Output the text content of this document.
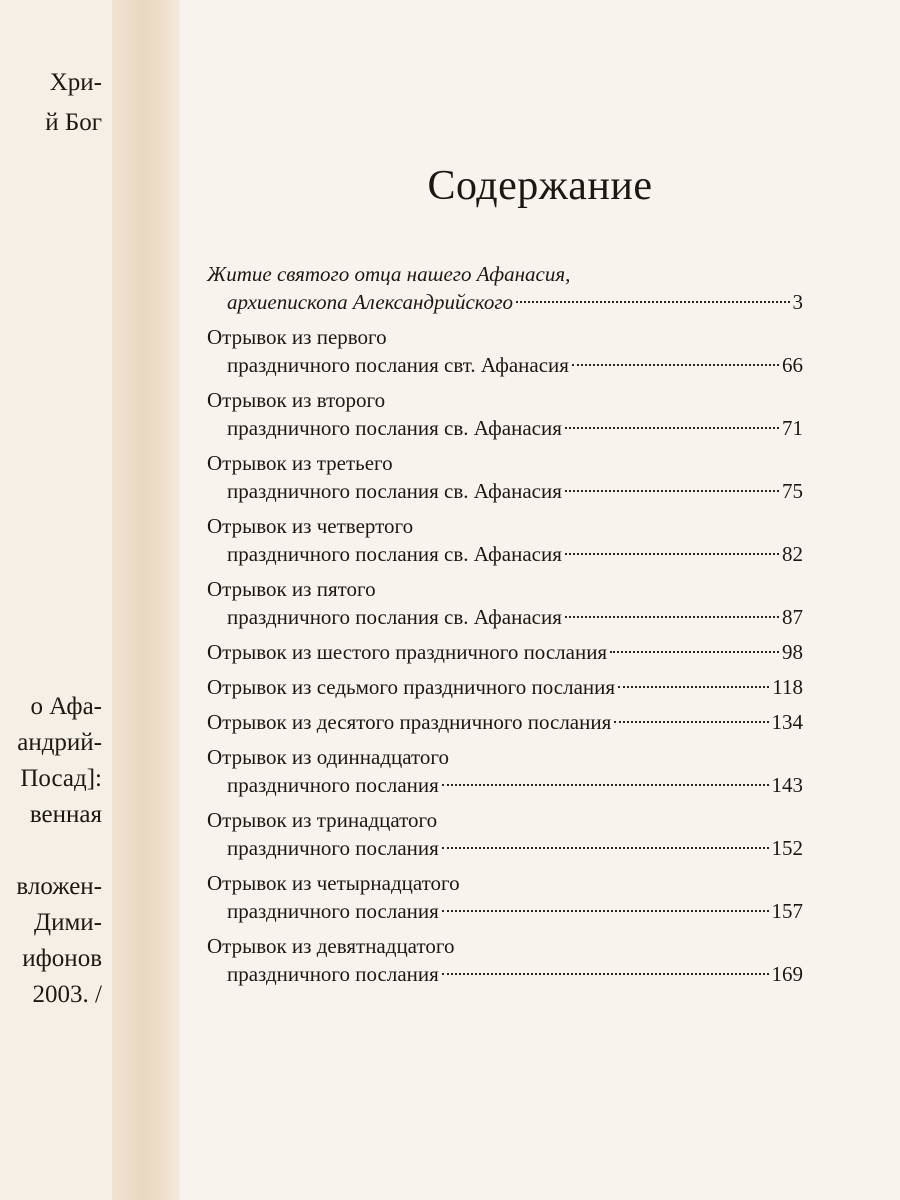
Хри-
й Бог
о Афа-
андрий-
Посад]:
венная
вложен-
Дими-
ифонов
2003. /
Содержание
Житие святого отца нашего Афанасия,
архиепископа Александрийского	3
Отрывок из первого
праздничного послания свт. Афанасия	66
Отрывок из второго
праздничного послания св. Афанасия	71
Отрывок из третьего
праздничного послания св. Афанасия	75
Отрывок из четвертого
праздничного послания св. Афанасия	82
Отрывок из пятого
праздничного послания св. Афанасия	87
Отрывок из шестого праздничного послания	98
Отрывок из седьмого праздничного послания	118
Отрывок из десятого праздничного послания	134
Отрывок из одиннадцатого
праздничного послания	143
Отрывок из тринадцатого
праздничного послания	152
Отрывок из четырнадцатого
праздничного послания	157
Отрывок из девятнадцатого
праздничного послания	169
